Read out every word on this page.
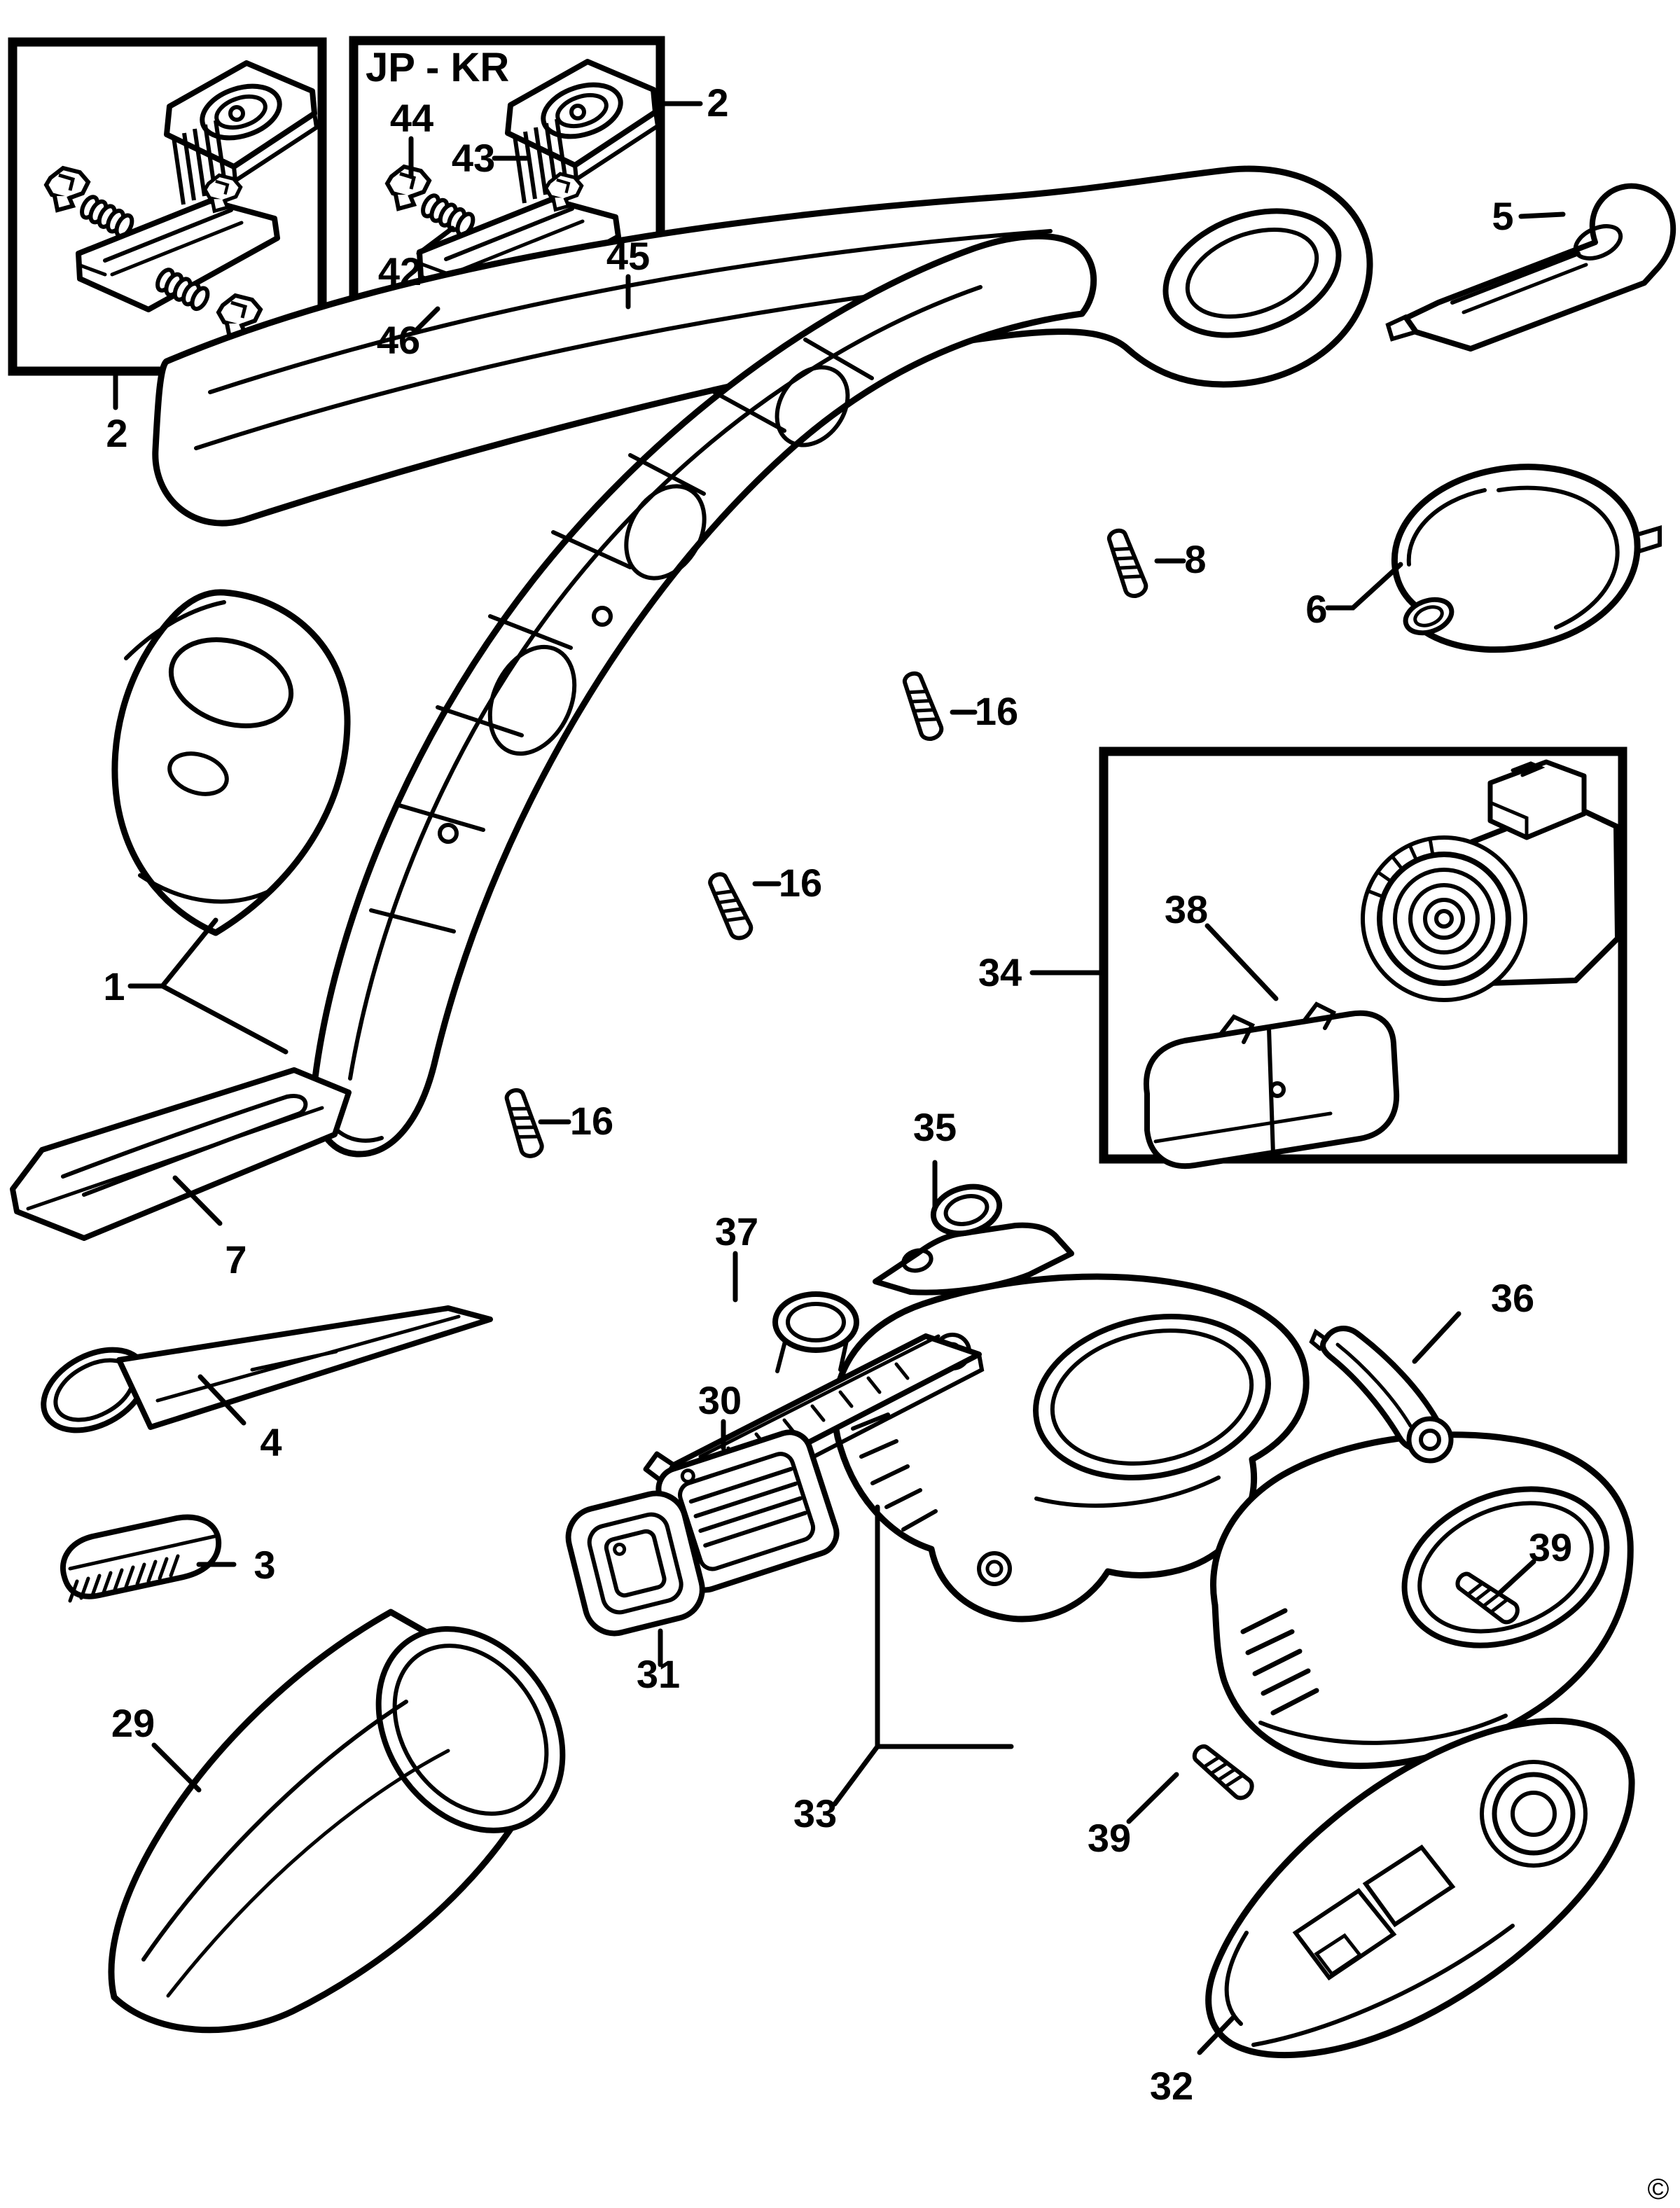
JP - KR
2
2
44
43
42
46
45
5
8
6
16
16
16
1
7
34
38
37
35
36
4
3
30
31
29
33
39
39
32
©
